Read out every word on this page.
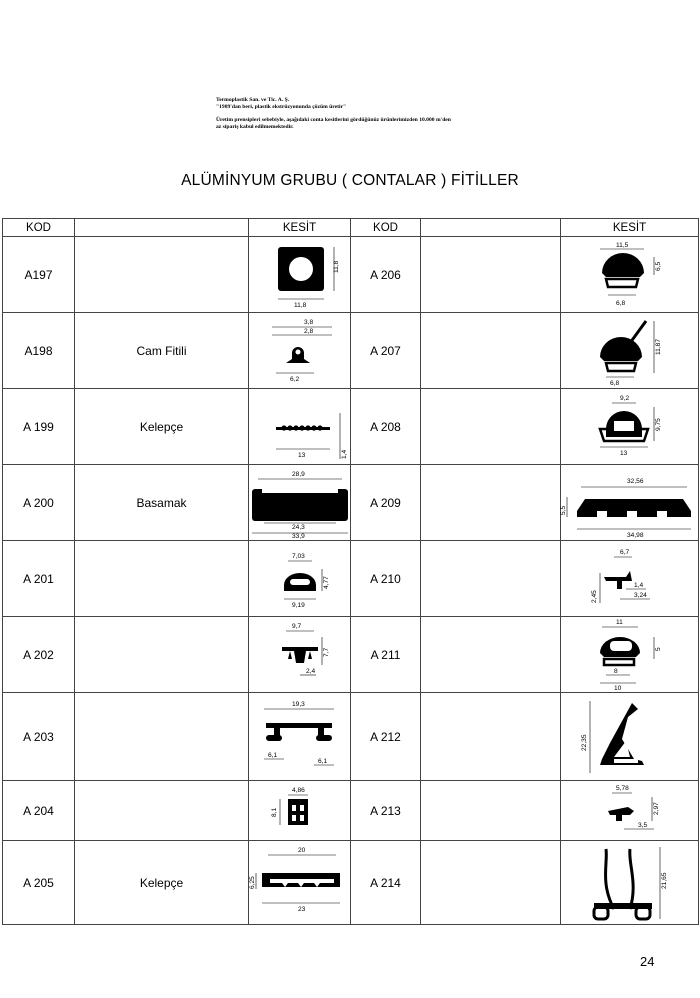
Termoplastik San. ve Tic. A. Ş.
"1989'dan beri, plastik ekstrüzyonunda çözüm üretir"
Üretim prensipleri sebebiyle, aşağıdaki conta kesitlerini gördüğünüz ürünlerimizden 10.000 m'den
az sipariş kabul edilmemektedir.
ALÜMİNYUM GRUBU ( CONTALAR ) FİTİLLER
KOD		KESİT	KOD		KESİT
A197		11,8
11,8	A 206		11,5
6,5
6,8

A198	Cam Fitili	3,8
2,8
6,2	A 207		11,87
6,8

A 199	Kelepçe	13 1,4	A 208		9,2
9,75
13

A 200	Basamak	28,9
24,3
33,9	A 209		32,56
5,5
34,98

A 201		7,03
4,77
9,19	A 210		6,7
1,4
2,45 3,24

A 202		9,7
7,7
2,4	A 211		11
5
8
10

A 203		19,3
6,1
6,1	A 212		22,35

A 204		4,86
8,1	A 213		5,78
2,97
3,5

A 205	Kelepçe	20
6,25
23	A 214		21,65
24
